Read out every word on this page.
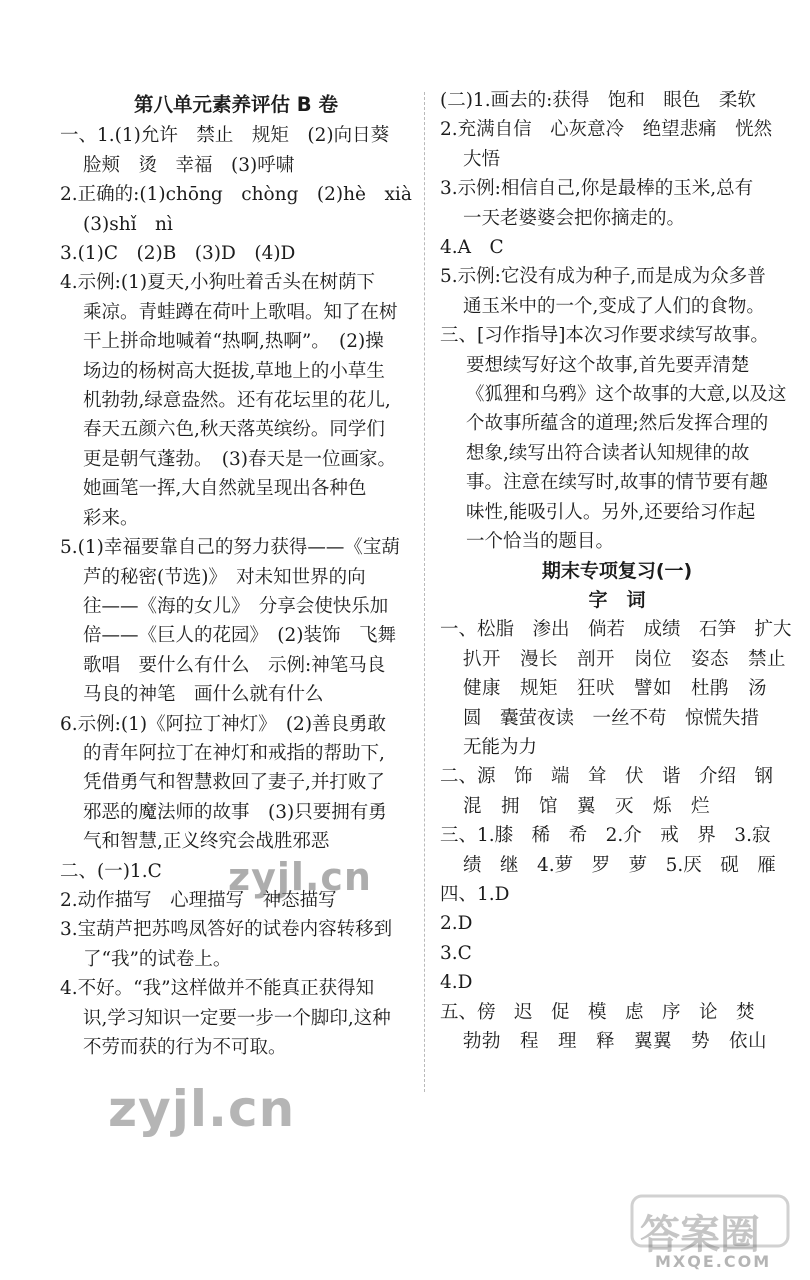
第八单元素养评估 B 卷
一、1.(1)允许　禁止　规矩　(2)向日葵
脸颊　烫　幸福　(3)呼啸
2.正确的:(1)chōng　chòng　(2)hè　xià
(3)shǐ　nì
3.(1)C　(2)B　(3)D　(4)D
4.示例:(1)夏天,小狗吐着舌头在树荫下
乘凉。青蛙蹲在荷叶上歌唱。知了在树
干上拼命地喊着“热啊,热啊”。　(2)操
场边的杨树高大挺拔,草地上的小草生
机勃勃,绿意盎然。还有花坛里的花儿,
春天五颜六色,秋天落英缤纷。同学们
更是朝气蓬勃。　(3)春天是一位画家。
她画笔一挥,大自然就呈现出各种色
彩来。
5.(1)幸福要靠自己的努力获得——《宝葫
芦的秘密(节选)》　对未知世界的向
往——《海的女儿》　分享会使快乐加
倍——《巨人的花园》　(2)装饰　飞舞
歌唱　要什么有什么　示例:神笔马良
马良的神笔　画什么就有什么
6.示例:(1)《阿拉丁神灯》　(2)善良勇敢
的青年阿拉丁在神灯和戒指的帮助下,
凭借勇气和智慧救回了妻子,并打败了
邪恶的魔法师的故事　(3)只要拥有勇
气和智慧,正义终究会战胜邪恶
二、(一)1.C
2.动作描写　心理描写　神态描写
3.宝葫芦把苏鸣凤答好的试卷内容转移到
了“我”的试卷上。
4.不好。“我”这样做并不能真正获得知
识,学习知识一定要一步一个脚印,这种
不劳而获的行为不可取。
(二)1.画去的:获得　饱和　眼色　柔软
2.充满自信　心灰意冷　绝望悲痛　恍然
大悟
3.示例:相信自己,你是最棒的玉米,总有
一天老婆婆会把你摘走的。
4.A　C
5.示例:它没有成为种子,而是成为众多普
通玉米中的一个,变成了人们的食物。
三、[习作指导]本次习作要求续写故事。
要想续写好这个故事,首先要弄清楚
《狐狸和乌鸦》这个故事的大意,以及这
个故事所蕴含的道理;然后发挥合理的
想象,续写出符合读者认知规律的故
事。注意在续写时,故事的情节要有趣
味性,能吸引人。另外,还要给习作起
一个恰当的题目。
期末专项复习(一)
字　词
一、松脂　渗出　倘若　成绩　石笋　扩大
扒开　漫长　剖开　岗位　姿态　禁止
健康　规矩　狂吠　譬如　杜鹃　汤
圆　囊萤夜读　一丝不苟　惊慌失措
无能为力
二、源　饰　端　耸　伏　谐　介绍　钢
混　拥　馆　翼　灭　烁　烂
三、1.膝　稀　希　2.介　戒　界　3.寂
绩　继　4.萝　罗　萝　5.厌　砚　雁
四、1.D
2.D
3.C
4.D
五、傍　迟　促　模　虑　序　论　焚
勃勃　程　理　释　翼翼　势　依山
zyjl.cn
zyjl.cn
答案圈
MXQE.COM
